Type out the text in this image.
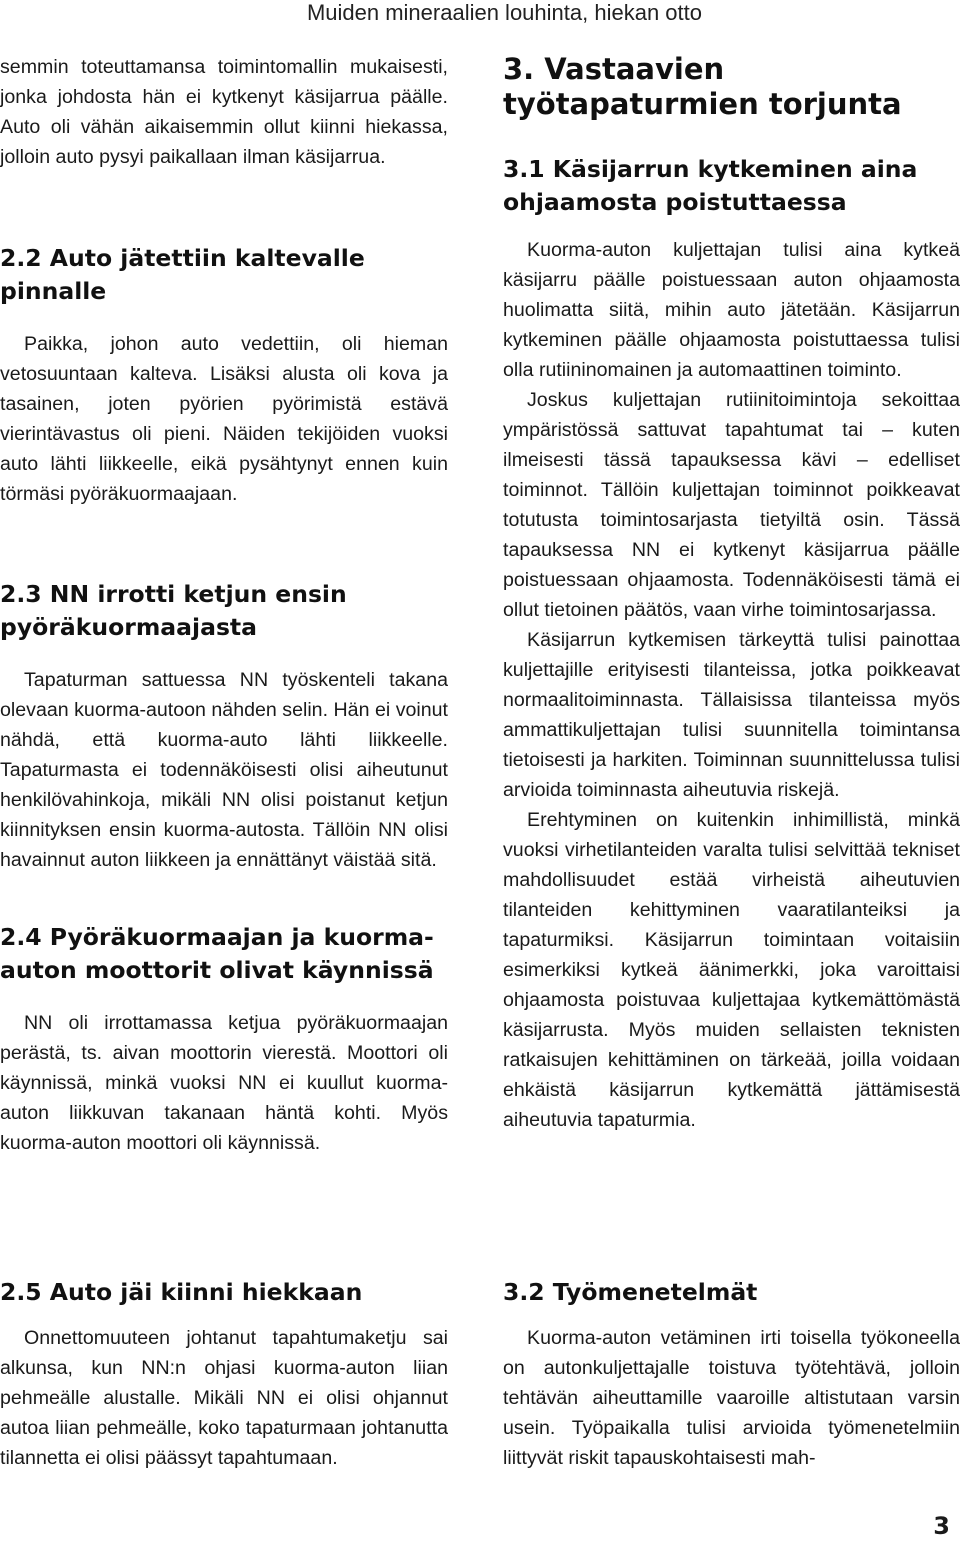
Muiden mineraalien louhinta, hiekan otto

semmin toteuttamansa toimintomallin mukaisesti, jonka johdosta hän ei kytkenyt käsijarrua päälle. Auto oli vähän aikaisemmin ollut kiinni hiekassa, jolloin auto pysyi paikallaan ilman käsijarrua.

2.2 Auto jätettiin kaltevalle pinnalle

Paikka, johon auto vedettiin, oli hieman vetosuuntaan kalteva. Lisäksi alusta oli kova ja tasainen, joten pyörien pyörimistä estävä vierintävastus oli pieni. Näiden tekijöiden vuoksi auto lähti liikkeelle, eikä pysähtynyt ennen kuin törmäsi pyöräkuormaajaan.

2.3 NN irrotti ketjun ensin pyöräkuormaajasta

Tapaturman sattuessa NN työskenteli takana olevaan kuorma-autoon nähden selin. Hän ei voinut nähdä, että kuorma-auto lähti liikkeelle. Tapaturmasta ei todennäköisesti olisi aiheutunut henkilövahinkoja, mikäli NN olisi poistanut ketjun kiinnityksen ensin kuorma-autosta. Tällöin NN olisi havainnut auton liikkeen ja ennättänyt väistää sitä.

2.4 Pyöräkuormaajan ja kuorma-auton moottorit olivat käynnissä

NN oli irrottamassa ketjua pyöräkuormaajan perästä, ts. aivan moottorin vierestä. Moottori oli käynnissä, minkä vuoksi NN ei kuullut kuorma-auton liikkuvan takanaan häntä kohti. Myös kuorma-auton moottori oli käynnissä.

2.5 Auto jäi kiinni hiekkaan

Onnettomuuteen johtanut tapahtumaketju sai alkunsa, kun NN:n ohjasi kuorma-auton liian pehmeälle alustalle. Mikäli NN ei olisi ohjannut autoa liian pehmeälle, koko tapaturmaan johtanutta tilannetta ei olisi päässyt tapahtumaan.

3. Vastaavien työtapaturmien torjunta
3.1 Käsijarrun kytkeminen aina ohjaamosta poistuttaessa

Kuorma-auton kuljettajan tulisi aina kytkeä käsijarru päälle poistuessaan auton ohjaamosta huolimatta siitä, mihin auto jätetään. Käsijarrun kytkeminen päälle ohjaamosta poistuttaessa tulisi olla rutiininomainen ja automaattinen toiminto.

Joskus kuljettajan rutiinitoimintoja sekoittaa ympäristössä sattuvat tapahtumat tai – kuten ilmeisesti tässä tapauksessa kävi – edelliset toiminnot. Tällöin kuljettajan toiminnot poikkeavat totutusta toimintosarjasta tietyiltä osin. Tässä tapauksessa NN ei kytkenyt käsijarrua päälle poistuessaan ohjaamosta. Todennäköisesti tämä ei ollut tietoinen päätös, vaan virhe toimintosarjassa.

Käsijarrun kytkemisen tärkeyttä tulisi painottaa kuljettajille erityisesti tilanteissa, jotka poikkeavat normaalitoiminnasta. Tällaisissa tilanteissa myös ammattikuljettajan tulisi suunnitella toimintansa tietoisesti ja harkiten. Toiminnan suunnittelussa tulisi arvioida toiminnasta aiheutuvia riskejä.

Erehtyminen on kuitenkin inhimillistä, minkä vuoksi virhetilanteiden varalta tulisi selvittää tekniset mahdollisuudet estää virheistä aiheutuvien tilanteiden kehittyminen vaaratilanteiksi ja tapaturmiksi. Käsijarrun toimintaan voitaisiin esimerkiksi kytkeä äänimerkki, joka varoittaisi ohjaamosta poistuvaa kuljettajaa kytkemättömästä käsijarrusta. Myös muiden sellaisten teknisten ratkaisujen kehittäminen on tärkeää, joilla voidaan ehkäistä käsijarrun kytkemättä jättämisestä aiheutuvia tapaturmia.

3.2 Työmenetelmät

Kuorma-auton vetäminen irti toisella työkoneella on autonkuljettajalle toistuva työtehtävä, jolloin tehtävän aiheuttamille vaaroille altistutaan varsin usein. Työpaikalla tulisi arvioida työmenetelmiin liittyvät riskit tapauskohtaisesti mah-

3
